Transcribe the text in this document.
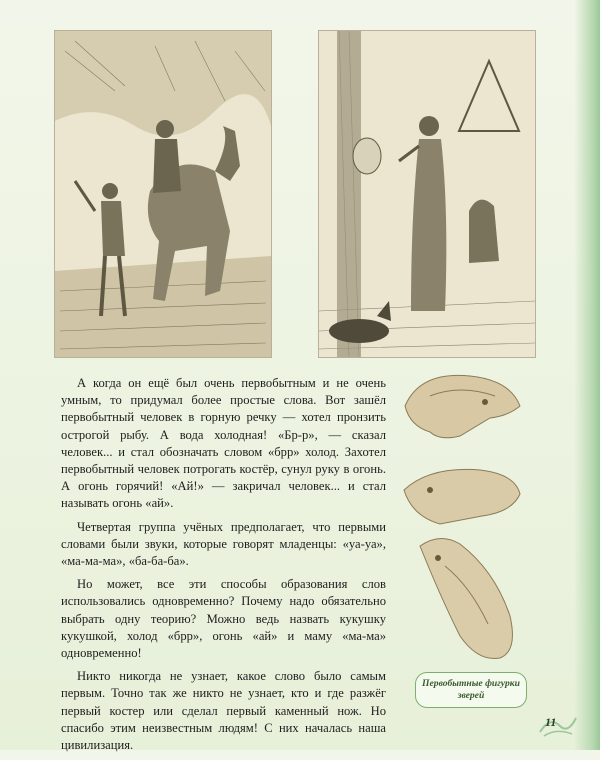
А когда он ещё был очень первобытным и не очень умным, то придумал более простые слова. Вот зашёл первобытный человек в горную речку — хотел пронзить острогой рыбу. А вода холодная! «Бр-р», — сказал человек... и стал обозначать словом «брр» холод. Захотел первобытный человек потрогать костёр, сунул руку в огонь. А огонь горячий! «Ай!» — закричал человек... и стал называть огонь «ай».

Четвертая группа учёных предполагает, что первыми словами были звуки, которые говорят младенцы: «уа-уа», «ма-ма-ма», «ба-ба-ба».

Но может, все эти способы образования слов использовались одновременно? Почему надо обязательно выбрать одну теорию? Можно ведь назвать кукушку кукушкой, холод «брр», огонь «ай» и маму «ма-ма» одновременно!

Никто никогда не узнает, какое слово было самым первым. Точно так же никто не узнает, кто и где разжёг первый костер или сделал первый каменный нож. Но спасибо этим неизвестным людям! С них началась наша цивилизация.

Первобытные фигурки зверей
11
